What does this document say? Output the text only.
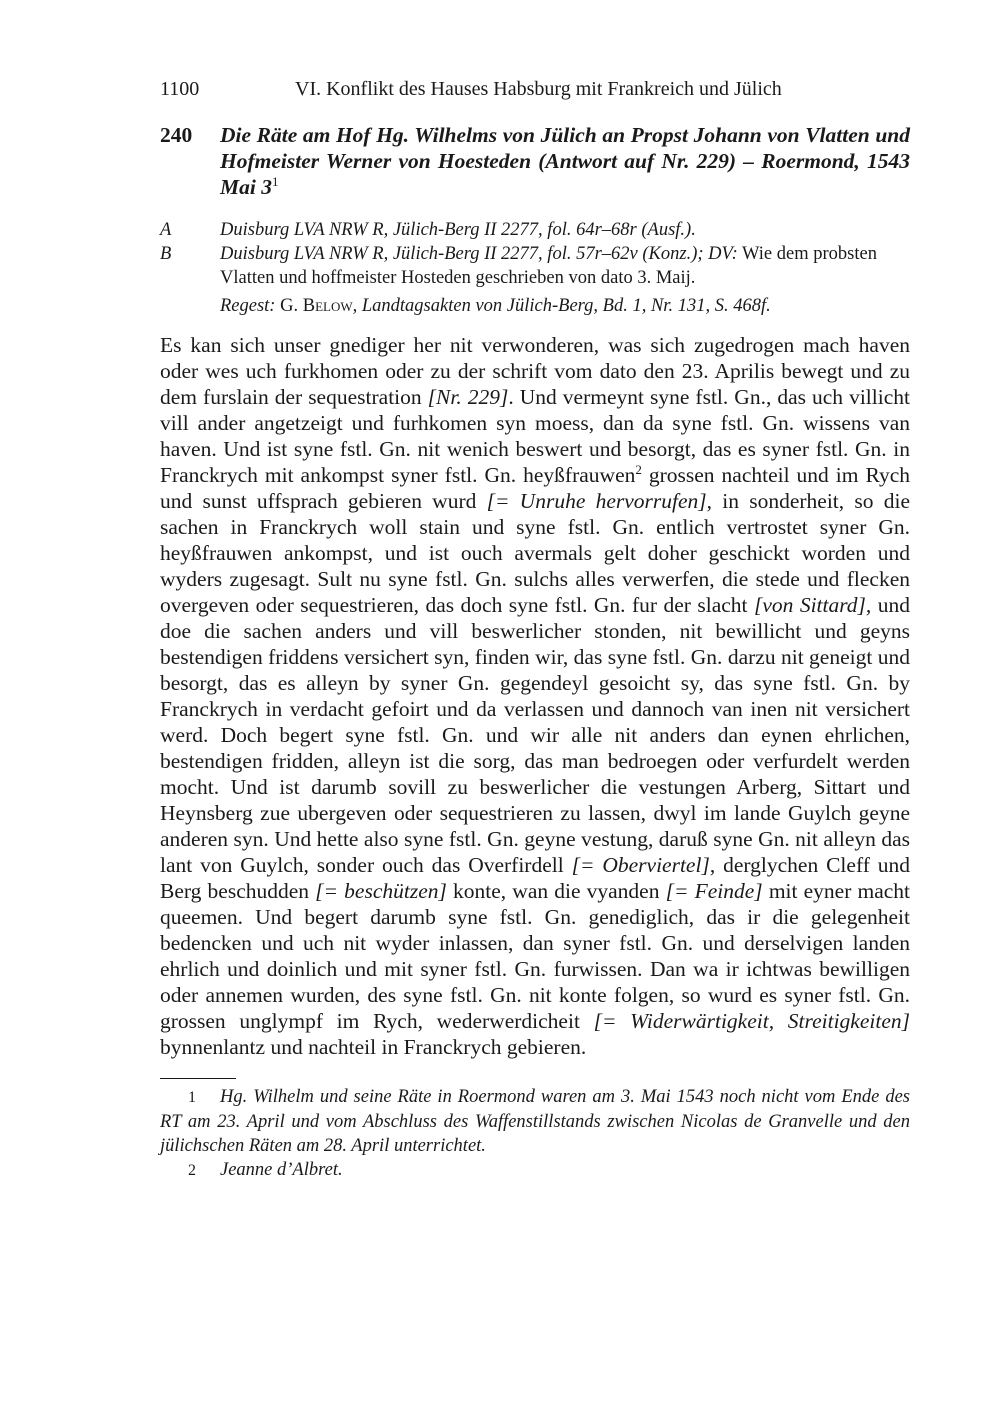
1100	VI. Konflikt des Hauses Habsburg mit Frankreich und Jülich
240	Die Räte am Hof Hg. Wilhelms von Jülich an Propst Johann von Vlatten und Hofmeister Werner von Hoesteden (Antwort auf Nr. 229) – Roermond, 1543 Mai $3^1$
A	Duisburg LVA NRW R, Jülich-Berg II 2277, fol. 64r–68r (Ausf.).
B	Duisburg LVA NRW R, Jülich-Berg II 2277, fol. 57r–62v (Konz.); DV: Wie dem probsten Vlatten und hoffmeister Hosteden geschrieben von dato 3. Maij.
Regest: G. Below, Landtagsakten von Jülich-Berg, Bd. 1, Nr. 131, S. 468f.
Es kan sich unser gnediger her nit verwonderen, was sich zugedrogen mach haven oder wes uch furkhomen oder zu der schrift vom dato den 23. Aprilis bewegt und zu dem furslain der sequestration [Nr. 229]. Und vermeynt syne fstl. Gn., das uch villicht vill ander angetzeigt und furhkomen syn moess, dan da syne fstl. Gn. wissens van haven. Und ist syne fstl. Gn. nit wenich beswert und besorgt, das es syner fstl. Gn. in Franckrych mit ankompst syner fstl. Gn. heyßfrauwen$^2$ grossen nachteil und im Rych und sunst uffsprach gebieren wurd [= Unruhe hervorrufen], in sonderheit, so die sachen in Franckrych woll stain und syne fstl. Gn. entlich vertrostet syner Gn. heyßfrauwen ankompst, und ist ouch avermals gelt doher geschickt worden und wyders zugesagt. Sult nu syne fstl. Gn. sulchs alles verwerfen, die stede und flecken overgeven oder sequestrieren, das doch syne fstl. Gn. fur der slacht [von Sittard], und doe die sachen anders und vill beswerlicher stonden, nit bewillicht und geyns bestendigen friddens versichert syn, finden wir, das syne fstl. Gn. darzu nit geneigt und besorgt, das es alleyn by syner Gn. gegendeyl gesoicht sy, das syne fstl. Gn. by Franckrych in verdacht gefoirt und da verlassen und dannoch van inen nit versichert werd. Doch begert syne fstl. Gn. und wir alle nit anders dan eynen ehrlichen, bestendigen fridden, alleyn ist die sorg, das man bedroegen oder verfurdelt werden mocht. Und ist darumb sovill zu beswerlicher die vestungen Arberg, Sittart und Heynsberg zue ubergeven oder sequestrieren zu lassen, dwyl im lande Guylch geyne anderen syn. Und hette also syne fstl. Gn. geyne vestung, daruß syne Gn. nit alleyn das lant von Guylch, sonder ouch das Overfirdell [= Oberviertel], derglychen Cleff und Berg beschudden [= beschützen] konte, wan die vyanden [= Feinde] mit eyner macht queemen. Und begert darumb syne fstl. Gn. genediglich, das ir die gelegenheit bedencken und uch nit wyder inlassen, dan syner fstl. Gn. und derselvigen landen ehrlich und doinlich und mit syner fstl. Gn. furwissen. Dan wa ir ichtwas bewilligen oder annemen wurden, des syne fstl. Gn. nit konte folgen, so wurd es syner fstl. Gn. grossen unglympf im Rych, wederwerdicheit [= Widerwärtigkeit, Streitigkeiten] bynnenlantz und nachteil in Franckrych gebieren.
1 Hg. Wilhelm und seine Räte in Roermond waren am 3. Mai 1543 noch nicht vom Ende des RT am 23. April und vom Abschluss des Waffenstillstands zwischen Nicolas de Granvelle und den jülichschen Räten am 28. April unterrichtet.
2 Jeanne d’Albret.
